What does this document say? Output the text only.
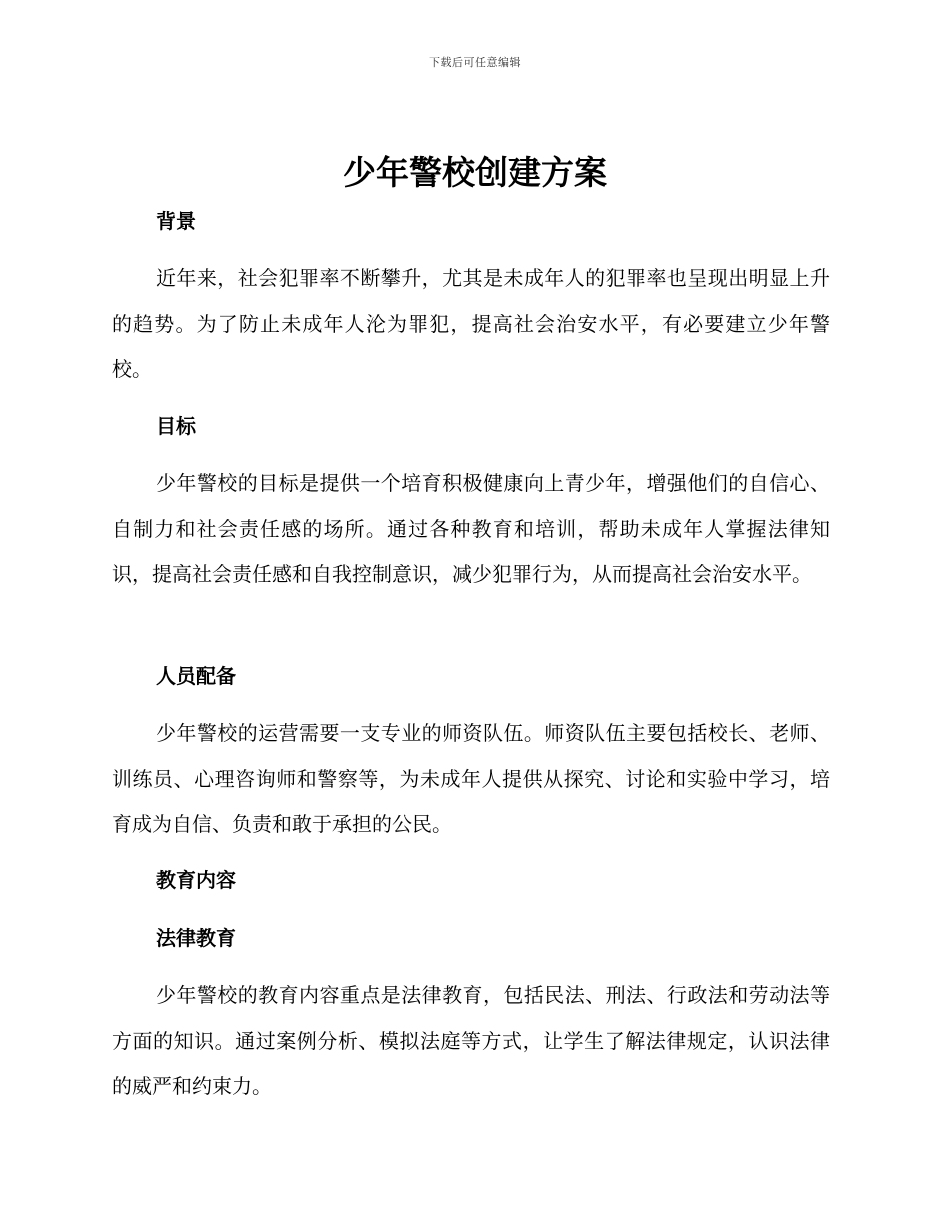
下载后可任意编辑
少年警校创建方案
背景

近年来，社会犯罪率不断攀升，尤其是未成年人的犯罪率也呈现出明显上升的趋势。为了防止未成年人沦为罪犯，提高社会治安水平，有必要建立少年警校。

目标

少年警校的目标是提供一个培育积极健康向上青少年，增强他们的自信心、自制力和社会责任感的场所。通过各种教育和培训，帮助未成年人掌握法律知识，提高社会责任感和自我控制意识，减少犯罪行为，从而提高社会治安水平。

人员配备

少年警校的运营需要一支专业的师资队伍。师资队伍主要包括校长、老师、训练员、心理咨询师和警察等，为未成年人提供从探究、讨论和实验中学习，培育成为自信、负责和敢于承担的公民。

教育内容
法律教育

少年警校的教育内容重点是法律教育，包括民法、刑法、行政法和劳动法等方面的知识。通过案例分析、模拟法庭等方式，让学生了解法律规定，认识法律的威严和约束力。
